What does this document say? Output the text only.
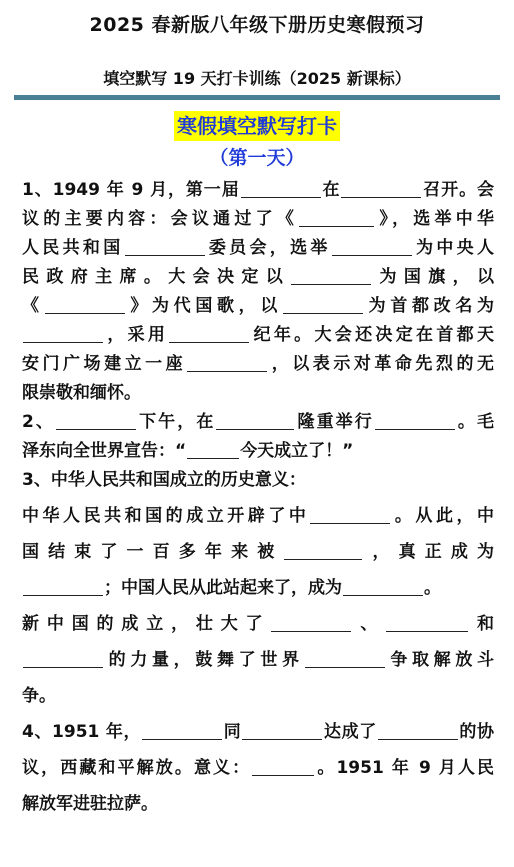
2025 春新版八年级下册历史寒假预习
填空默写 19 天打卡训练（2025 新课标）
寒假填空默写打卡
（第一天）
1、1949 年 9 月，第一届	在	召开。会
议的主要内容：会议通过了《	》，选举中华
人民共和国	委员会，选举	为中央人
民政府主席。大会决定以	为国旗，以
《	》为代国歌，以	为首都改名为
，采用	纪年。大会还决定在首都天
安门广场建立一座	，以表示对革命先烈的无
限崇敬和缅怀。
2、	下午，在	隆重举行	。毛
泽东向全世界宣告：“	今天成立了！”
3、中华人民共和国成立的历史意义：
中华人民共和国的成立开辟了中	。从此，中
国结束了一百多年来被	，真正成为
；中国人民从此站起来了，成为	。
新中国的成立，壮大了	、	和
的力量，鼓舞了世界	争取解放斗
争。
4、1951 年，	同	达成了	的协
议，西藏和平解放。意义：	。1951 年 9 月人民
解放军进驻拉萨。
